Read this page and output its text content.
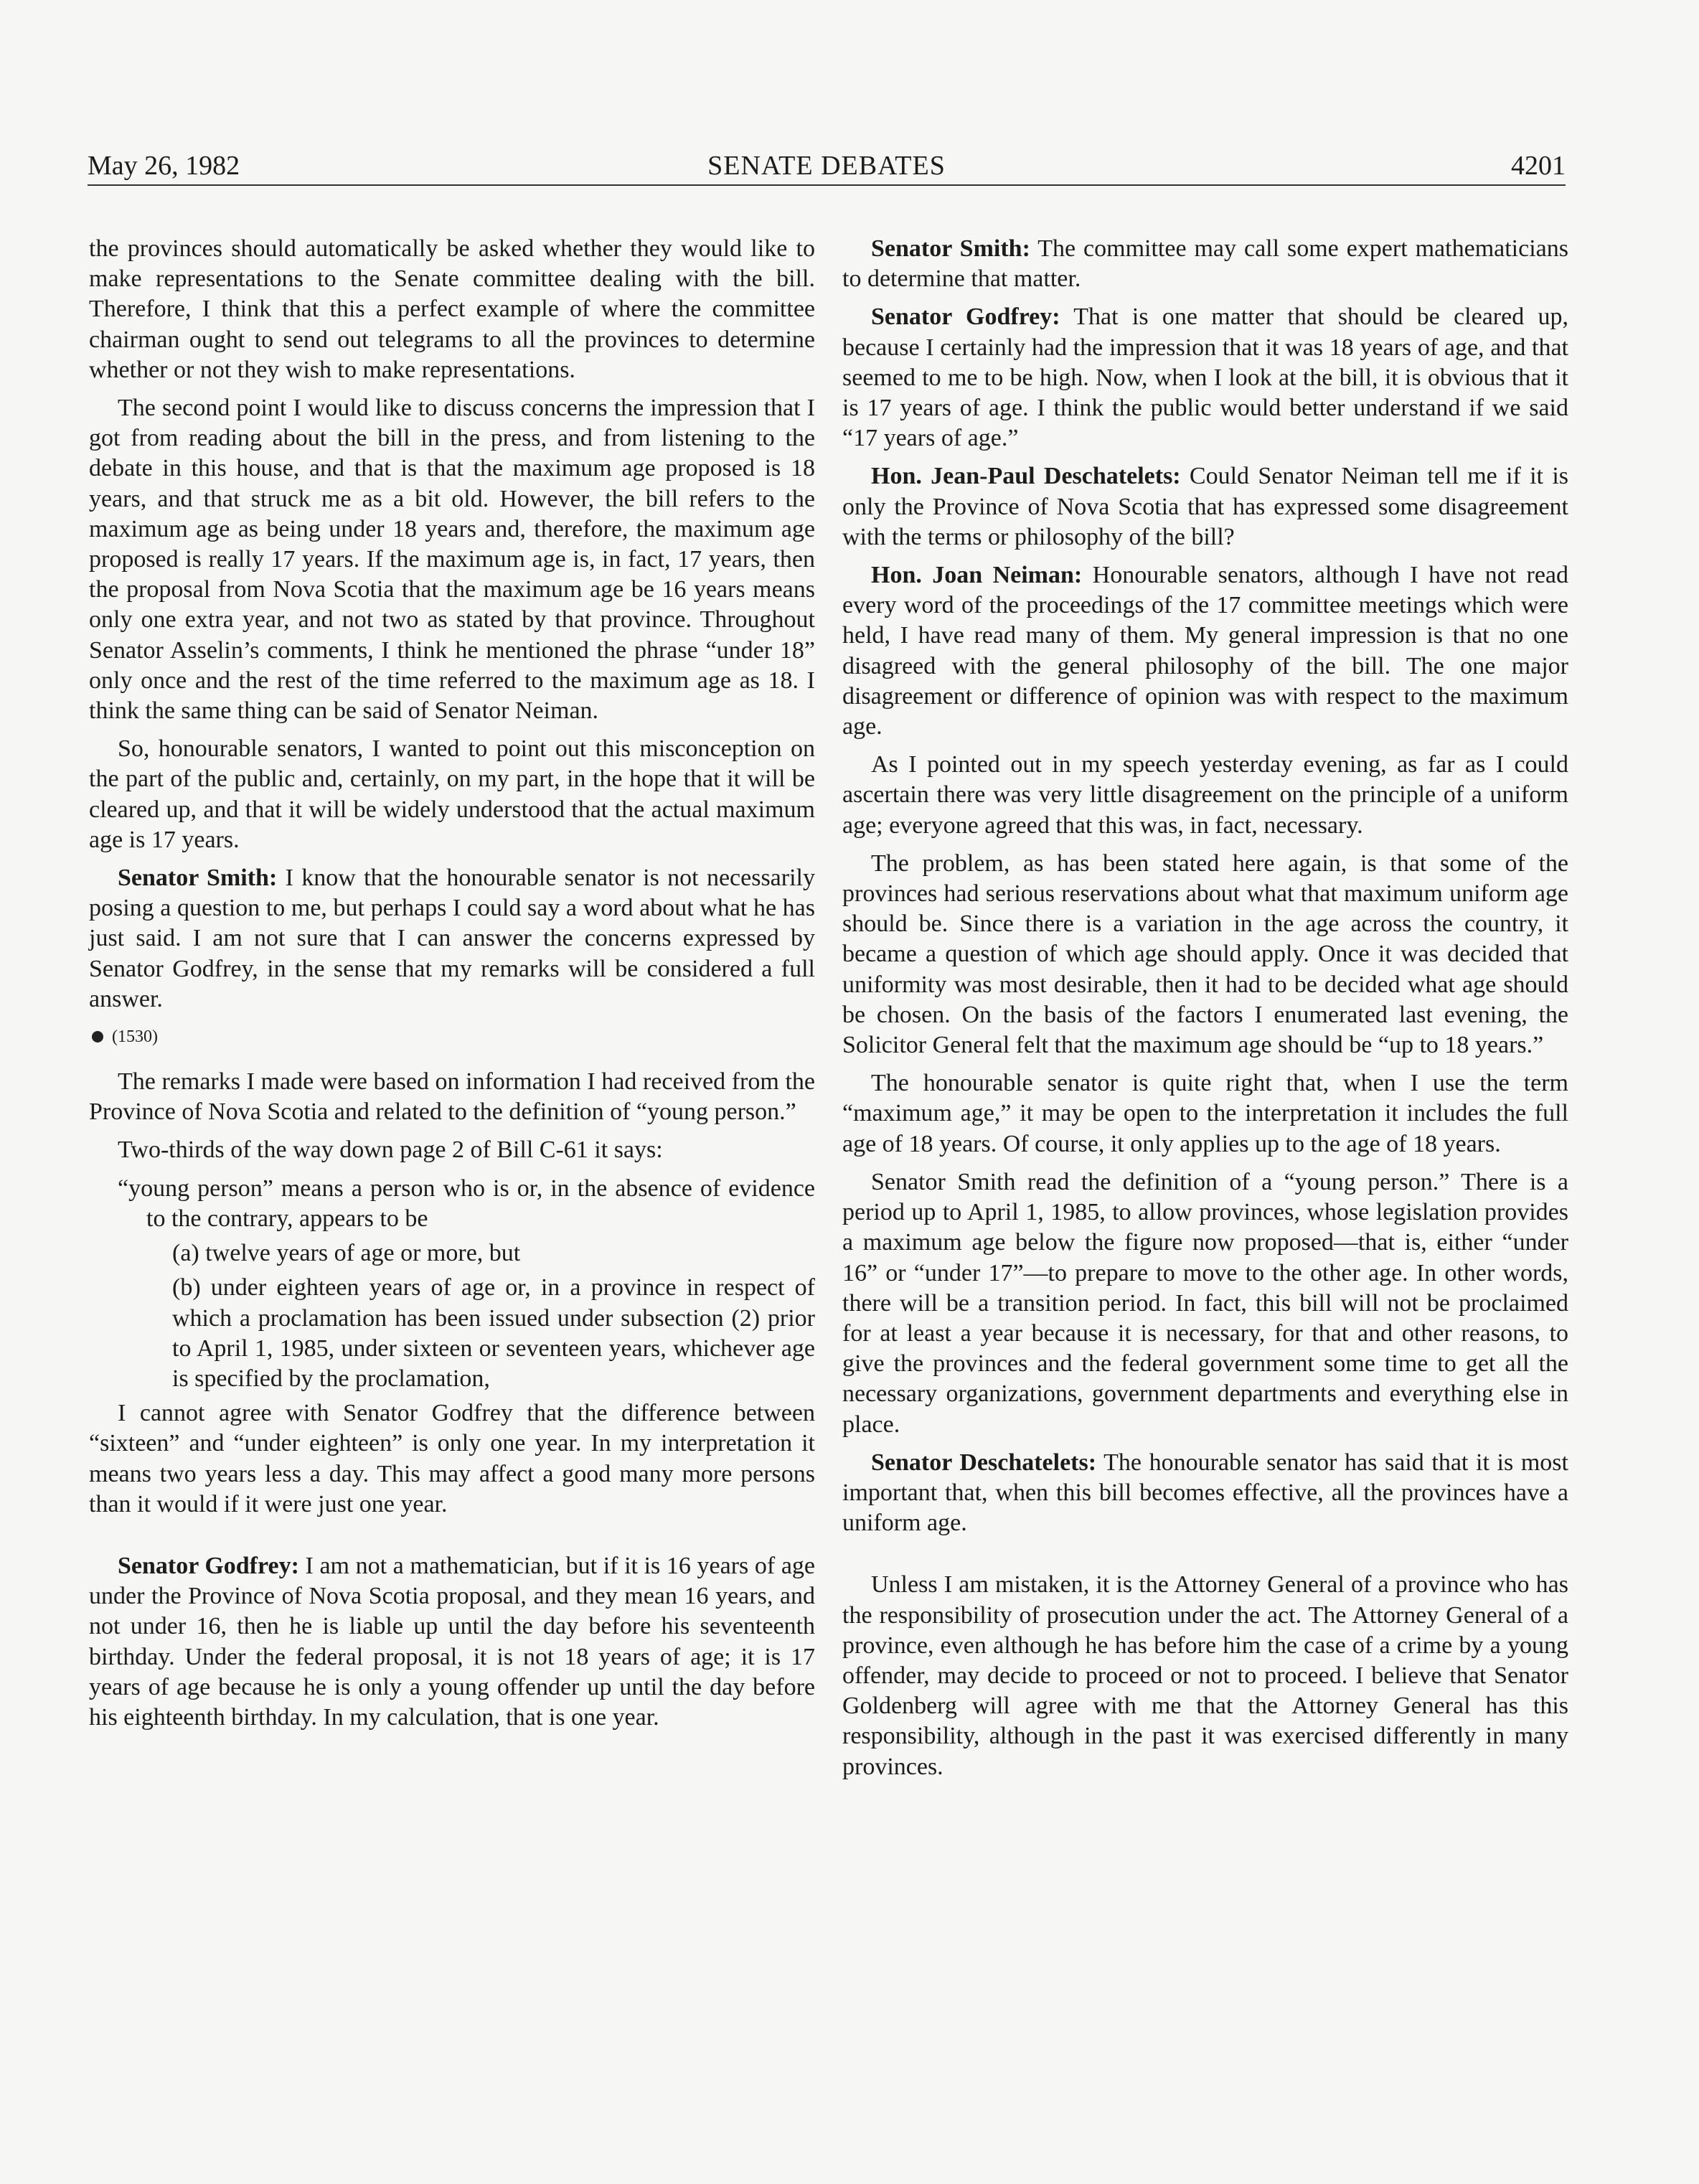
May 26, 1982	SENATE DEBATES	4201

the provinces should automatically be asked whether they would like to make representations to the Senate committee dealing with the bill. Therefore, I think that this a perfect example of where the committee chairman ought to send out telegrams to all the provinces to determine whether or not they wish to make representations.

The second point I would like to discuss concerns the impression that I got from reading about the bill in the press, and from listening to the debate in this house, and that is that the maximum age proposed is 18 years, and that struck me as a bit old. However, the bill refers to the maximum age as being under 18 years and, therefore, the maximum age proposed is really 17 years. If the maximum age is, in fact, 17 years, then the proposal from Nova Scotia that the maximum age be 16 years means only one extra year, and not two as stated by that province. Throughout Senator Asselin’s comments, I think he mentioned the phrase “under 18” only once and the rest of the time referred to the maximum age as 18. I think the same thing can be said of Senator Neiman.

So, honourable senators, I wanted to point out this misconception on the part of the public and, certainly, on my part, in the hope that it will be cleared up, and that it will be widely understood that the actual maximum age is 17 years.

Senator Smith: I know that the honourable senator is not necessarily posing a question to me, but perhaps I could say a word about what he has just said. I am not sure that I can answer the concerns expressed by Senator Godfrey, in the sense that my remarks will be considered a full answer.

(1530)

The remarks I made were based on information I had received from the Province of Nova Scotia and related to the definition of “young person.”

Two-thirds of the way down page 2 of Bill C-61 it says:

“young person” means a person who is or, in the absence of evidence to the contrary, appears to be

(a) twelve years of age or more, but

(b) under eighteen years of age or, in a province in respect of which a proclamation has been issued under subsection (2) prior to April 1, 1985, under sixteen or seventeen years, whichever age is specified by the proclamation,

I cannot agree with Senator Godfrey that the difference between “sixteen” and “under eighteen” is only one year. In my interpretation it means two years less a day. This may affect a good many more persons than it would if it were just one year.

Senator Godfrey: I am not a mathematician, but if it is 16 years of age under the Province of Nova Scotia proposal, and they mean 16 years, and not under 16, then he is liable up until the day before his seventeenth birthday. Under the federal proposal, it is not 18 years of age; it is 17 years of age because he is only a young offender up until the day before his eighteenth birthday. In my calculation, that is one year.

Senator Smith: The committee may call some expert mathematicians to determine that matter.

Senator Godfrey: That is one matter that should be cleared up, because I certainly had the impression that it was 18 years of age, and that seemed to me to be high. Now, when I look at the bill, it is obvious that it is 17 years of age. I think the public would better understand if we said “17 years of age.”

Hon. Jean-Paul Deschatelets: Could Senator Neiman tell me if it is only the Province of Nova Scotia that has expressed some disagreement with the terms or philosophy of the bill?

Hon. Joan Neiman: Honourable senators, although I have not read every word of the proceedings of the 17 committee meetings which were held, I have read many of them. My general impression is that no one disagreed with the general philosophy of the bill. The one major disagreement or difference of opinion was with respect to the maximum age.

As I pointed out in my speech yesterday evening, as far as I could ascertain there was very little disagreement on the principle of a uniform age; everyone agreed that this was, in fact, necessary.

The problem, as has been stated here again, is that some of the provinces had serious reservations about what that maximum uniform age should be. Since there is a variation in the age across the country, it became a question of which age should apply. Once it was decided that uniformity was most desirable, then it had to be decided what age should be chosen. On the basis of the factors I enumerated last evening, the Solicitor General felt that the maximum age should be “up to 18 years.”

The honourable senator is quite right that, when I use the term “maximum age,” it may be open to the interpretation it includes the full age of 18 years. Of course, it only applies up to the age of 18 years.

Senator Smith read the definition of a “young person.” There is a period up to April 1, 1985, to allow provinces, whose legislation provides a maximum age below the figure now proposed—that is, either “under 16” or “under 17”—to prepare to move to the other age. In other words, there will be a transition period. In fact, this bill will not be proclaimed for at least a year because it is necessary, for that and other reasons, to give the provinces and the federal government some time to get all the necessary organizations, government departments and everything else in place.

Senator Deschatelets: The honourable senator has said that it is most important that, when this bill becomes effective, all the provinces have a uniform age.

Unless I am mistaken, it is the Attorney General of a province who has the responsibility of prosecution under the act. The Attorney General of a province, even although he has before him the case of a crime by a young offender, may decide to proceed or not to proceed. I believe that Senator Goldenberg will agree with me that the Attorney General has this responsibility, although in the past it was exercised differently in many provinces.
